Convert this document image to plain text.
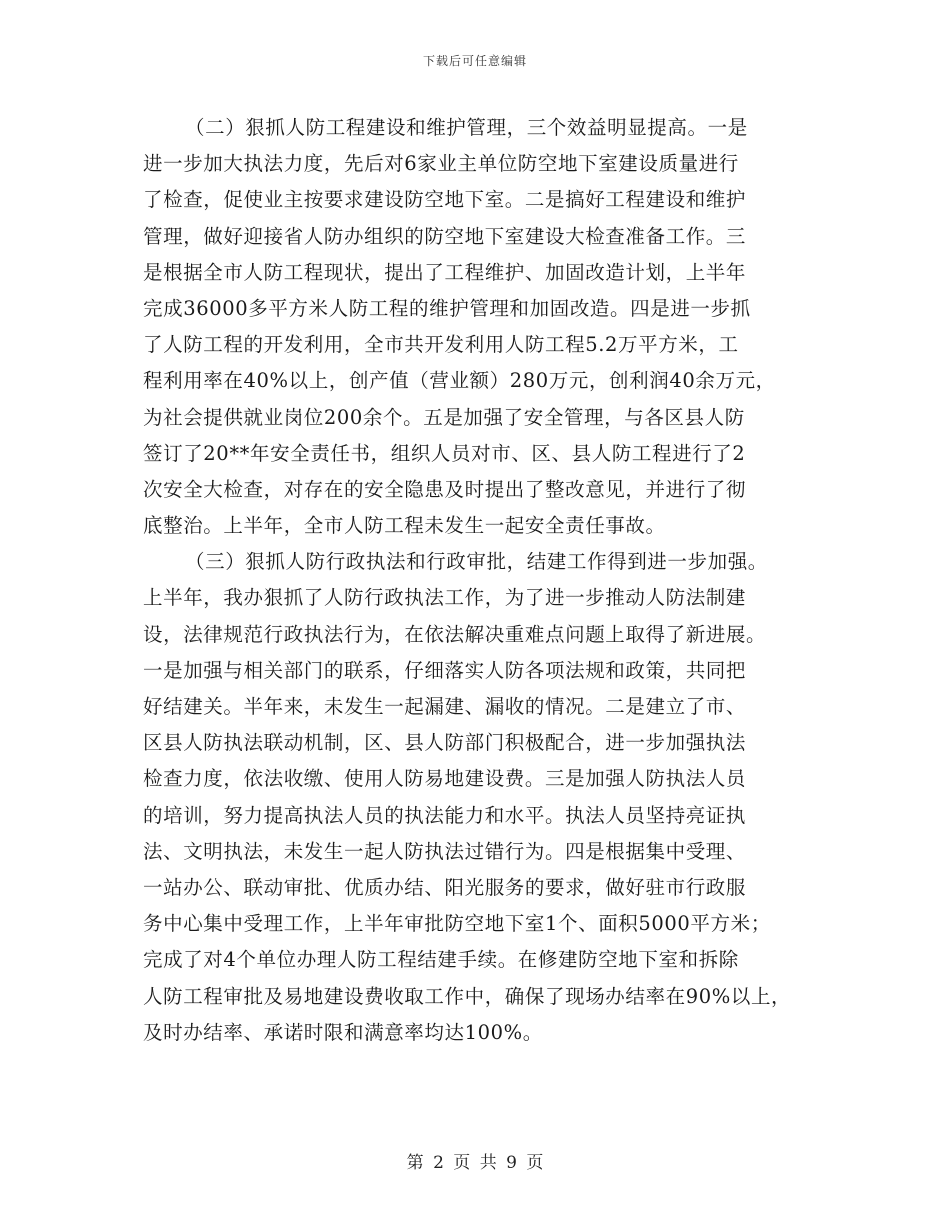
下载后可任意编辑
（二）狠抓人防工程建设和维护管理，三个效益明显提高。一是
进一步加大执法力度，先后对6家业主单位防空地下室建设质量进行
了检查，促使业主按要求建设防空地下室。二是搞好工程建设和维护
管理，做好迎接省人防办组织的防空地下室建设大检查准备工作。三
是根据全市人防工程现状，提出了工程维护、加固改造计划，上半年
完成36000多平方米人防工程的维护管理和加固改造。四是进一步抓
了人防工程的开发利用，全市共开发利用人防工程5.2万平方米，工
程利用率在40%以上，创产值（营业额）280万元，创利润40余万元，
为社会提供就业岗位200余个。五是加强了安全管理，与各区县人防
签订了20**年安全责任书，组织人员对市、区、县人防工程进行了2
次安全大检查，对存在的安全隐患及时提出了整改意见，并进行了彻
底整治。上半年，全市人防工程未发生一起安全责任事故。
（三）狠抓人防行政执法和行政审批，结建工作得到进一步加强。
上半年，我办狠抓了人防行政执法工作，为了进一步推动人防法制建
设，法律规范行政执法行为，在依法解决重难点问题上取得了新进展。
一是加强与相关部门的联系，仔细落实人防各项法规和政策，共同把
好结建关。半年来，未发生一起漏建、漏收的情况。二是建立了市、
区县人防执法联动机制，区、县人防部门积极配合，进一步加强执法
检查力度，依法收缴、使用人防易地建设费。三是加强人防执法人员
的培训，努力提高执法人员的执法能力和水平。执法人员坚持亮证执
法、文明执法，未发生一起人防执法过错行为。四是根据集中受理、
一站办公、联动审批、优质办结、阳光服务的要求，做好驻市行政服
务中心集中受理工作，上半年审批防空地下室1个、面积5000平方米；
完成了对4个单位办理人防工程结建手续。在修建防空地下室和拆除
人防工程审批及易地建设费收取工作中，确保了现场办结率在90%以上，
及时办结率、承诺时限和满意率均达100%。
第 2 页 共 9 页
